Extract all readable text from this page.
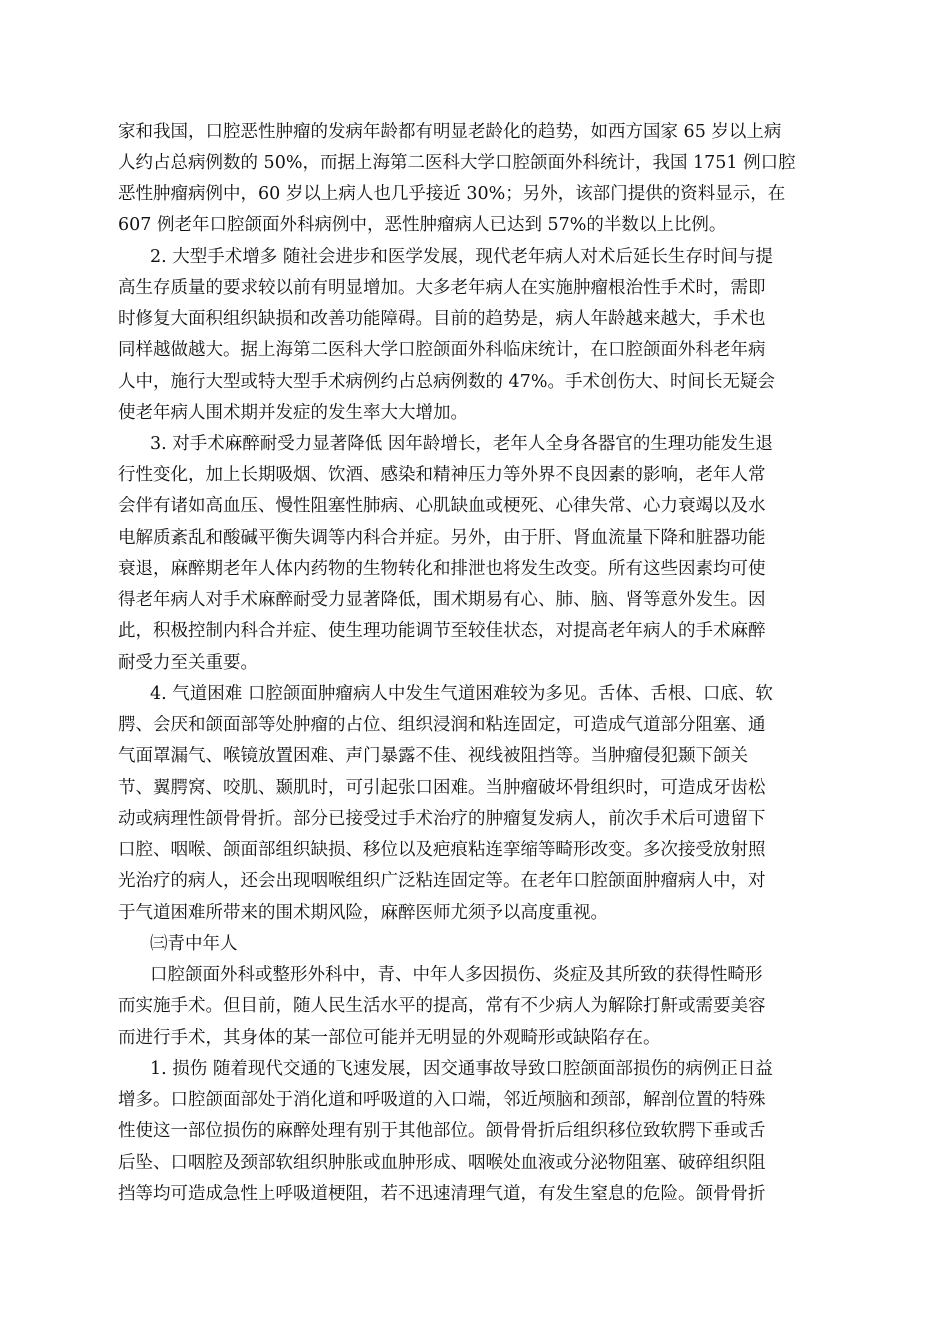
家和我国，口腔恶性肿瘤的发病年龄都有明显老龄化的趋势，如西方国家 65 岁以上病
人约占总病例数的 50%，而据上海第二医科大学口腔颌面外科统计，我国 1751 例口腔
恶性肿瘤病例中，60 岁以上病人也几乎接近 30%；另外，该部门提供的资料显示，在
607 例老年口腔颌面外科病例中，恶性肿瘤病人已达到 57%的半数以上比例。
2. 大型手术增多 随社会进步和医学发展，现代老年病人对术后延长生存时间与提
高生存质量的要求较以前有明显增加。大多老年病人在实施肿瘤根治性手术时，需即
时修复大面积组织缺损和改善功能障碍。目前的趋势是，病人年龄越来越大，手术也
同样越做越大。据上海第二医科大学口腔颌面外科临床统计，在口腔颌面外科老年病
人中，施行大型或特大型手术病例约占总病例数的 47%。手术创伤大、时间长无疑会
使老年病人围术期并发症的发生率大大增加。
3. 对手术麻醉耐受力显著降低 因年龄增长，老年人全身各器官的生理功能发生退
行性变化，加上长期吸烟、饮酒、感染和精神压力等外界不良因素的影响，老年人常
会伴有诸如高血压、慢性阻塞性肺病、心肌缺血或梗死、心律失常、心力衰竭以及水
电解质紊乱和酸碱平衡失调等内科合并症。另外，由于肝、肾血流量下降和脏器功能
衰退，麻醉期老年人体内药物的生物转化和排泄也将发生改变。所有这些因素均可使
得老年病人对手术麻醉耐受力显著降低，围术期易有心、肺、脑、肾等意外发生。因
此，积极控制内科合并症、使生理功能调节至较佳状态，对提高老年病人的手术麻醉
耐受力至关重要。
4. 气道困难 口腔颌面肿瘤病人中发生气道困难较为多见。舌体、舌根、口底、软
腭、会厌和颌面部等处肿瘤的占位、组织浸润和粘连固定，可造成气道部分阻塞、通
气面罩漏气、喉镜放置困难、声门暴露不佳、视线被阻挡等。当肿瘤侵犯颞下颌关
节、翼腭窝、咬肌、颞肌时，可引起张口困难。当肿瘤破坏骨组织时，可造成牙齿松
动或病理性颌骨骨折。部分已接受过手术治疗的肿瘤复发病人，前次手术后可遗留下
口腔、咽喉、颌面部组织缺损、移位以及疤痕粘连挛缩等畸形改变。多次接受放射照
光治疗的病人，还会出现咽喉组织广泛粘连固定等。在老年口腔颌面肿瘤病人中，对
于气道困难所带来的围术期风险，麻醉医师尤须予以高度重视。
㈢青中年人
口腔颌面外科或整形外科中，青、中年人多因损伤、炎症及其所致的获得性畸形
而实施手术。但目前，随人民生活水平的提高，常有不少病人为解除打鼾或需要美容
而进行手术，其身体的某一部位可能并无明显的外观畸形或缺陷存在。
1. 损伤 随着现代交通的飞速发展，因交通事故导致口腔颌面部损伤的病例正日益
增多。口腔颌面部处于消化道和呼吸道的入口端，邻近颅脑和颈部，解剖位置的特殊
性使这一部位损伤的麻醉处理有别于其他部位。颌骨骨折后组织移位致软腭下垂或舌
后坠、口咽腔及颈部软组织肿胀或血肿形成、咽喉处血液或分泌物阻塞、破碎组织阻
挡等均可造成急性上呼吸道梗阻，若不迅速清理气道，有发生窒息的危险。颌骨骨折
